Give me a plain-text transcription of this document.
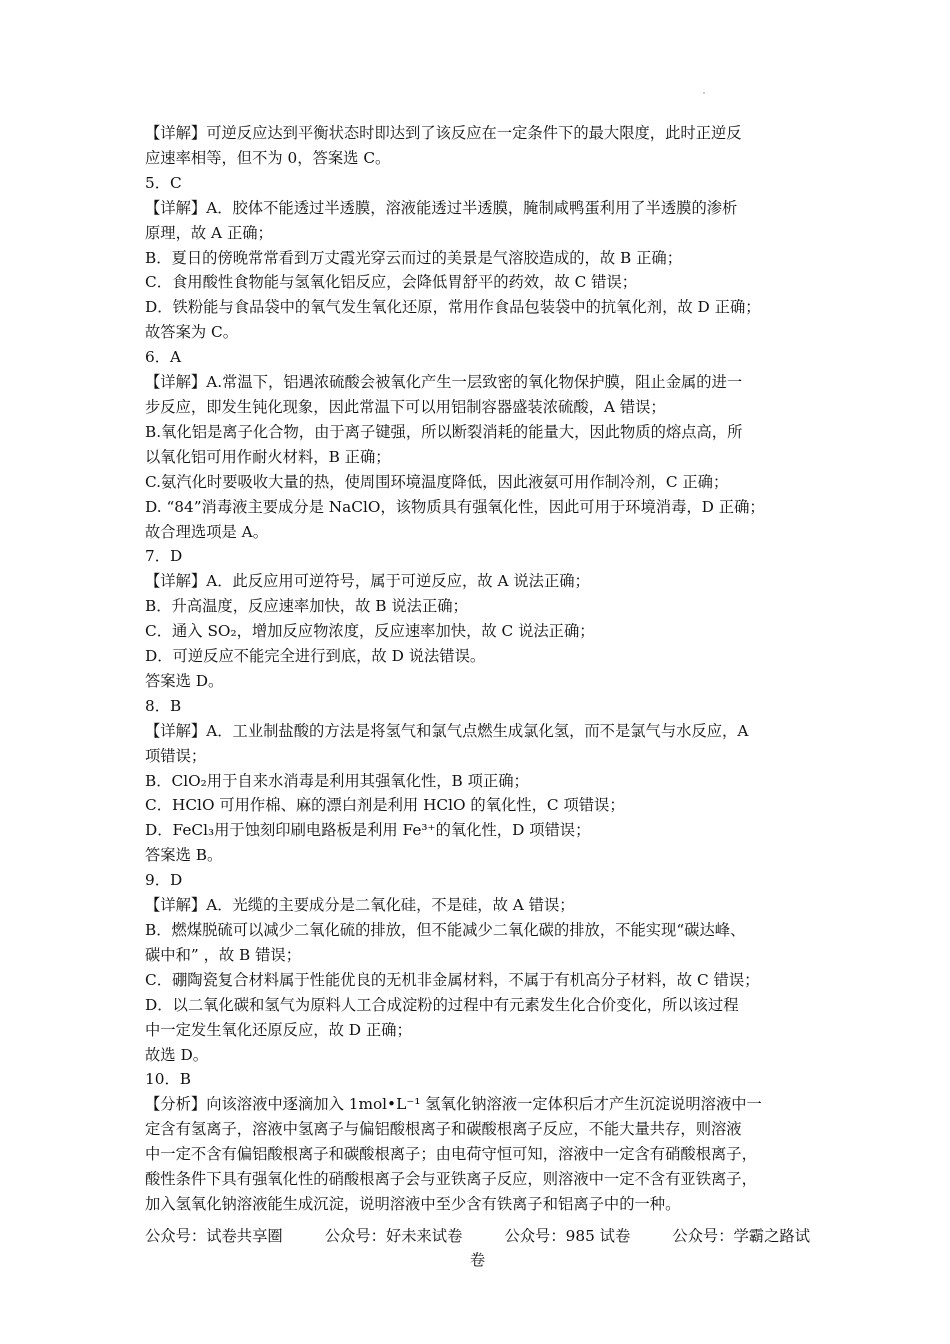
【详解】可逆反应达到平衡状态时即达到了该反应在一定条件下的最大限度，此时正逆反
应速率相等，但不为 0，答案选 C。
5．C
【详解】A．胶体不能透过半透膜，溶液能透过半透膜，腌制咸鸭蛋利用了半透膜的渗析
原理，故 A 正确；
B．夏日的傍晚常常看到万丈霞光穿云而过的美景是气溶胶造成的，故 B 正确；
C．食用酸性食物能与氢氧化铝反应，会降低胃舒平的药效，故 C 错误；
D．铁粉能与食品袋中的氧气发生氧化还原，常用作食品包装袋中的抗氧化剂，故 D 正确；
故答案为 C。
6．A
【详解】A.常温下，铝遇浓硫酸会被氧化产生一层致密的氧化物保护膜，阻止金属的进一
步反应，即发生钝化现象，因此常温下可以用铝制容器盛装浓硫酸，A 错误；
B.氧化铝是离子化合物，由于离子键强，所以断裂消耗的能量大，因此物质的熔点高，所
以氧化铝可用作耐火材料，B 正确；
C.氨汽化时要吸收大量的热，使周围环境温度降低，因此液氨可用作制冷剂，C 正确；
D. “84”消毒液主要成分是 NaClO，该物质具有强氧化性，因此可用于环境消毒，D 正确；
故合理选项是 A。
7．D
【详解】A．此反应用可逆符号，属于可逆反应，故 A 说法正确；
B．升高温度，反应速率加快，故 B 说法正确；
C．通入 SO₂，增加反应物浓度，反应速率加快，故 C 说法正确；
D．可逆反应不能完全进行到底，故 D 说法错误。
答案选 D。
8．B
【详解】A．工业制盐酸的方法是将氢气和氯气点燃生成氯化氢，而不是氯气与水反应，A
项错误；
B．ClO₂用于自来水消毒是利用其强氧化性，B 项正确；
C．HClO 可用作棉、麻的漂白剂是利用 HClO 的氧化性，C 项错误；
D．FeCl₃用于蚀刻印刷电路板是利用 Fe³⁺的氧化性，D 项错误；
答案选 B。
9．D
【详解】A．光缆的主要成分是二氧化硅，不是硅，故 A 错误；
B．燃煤脱硫可以减少二氧化硫的排放，但不能减少二氧化碳的排放，不能实现“碳达峰、
碳中和” ，故 B 错误；
C．硼陶瓷复合材料属于性能优良的无机非金属材料，不属于有机高分子材料，故 C 错误；
D．以二氧化碳和氢气为原料人工合成淀粉的过程中有元素发生化合价变化，所以该过程
中一定发生氧化还原反应，故 D 正确；
故选 D。
10．B
【分析】向该溶液中逐滴加入 1mol•L⁻¹ 氢氧化钠溶液一定体积后才产生沉淀说明溶液中一
定含有氢离子，溶液中氢离子与偏铝酸根离子和碳酸根离子反应，不能大量共存，则溶液
中一定不含有偏铝酸根离子和碳酸根离子；由电荷守恒可知，溶液中一定含有硝酸根离子，
酸性条件下具有强氧化性的硝酸根离子会与亚铁离子反应，则溶液中一定不含有亚铁离子，
加入氢氧化钠溶液能生成沉淀，说明溶液中至少含有铁离子和铝离子中的一种。
公众号：试卷共享圈	公众号：好未来试卷	公众号：985 试卷	公众号：学霸之路试
卷
